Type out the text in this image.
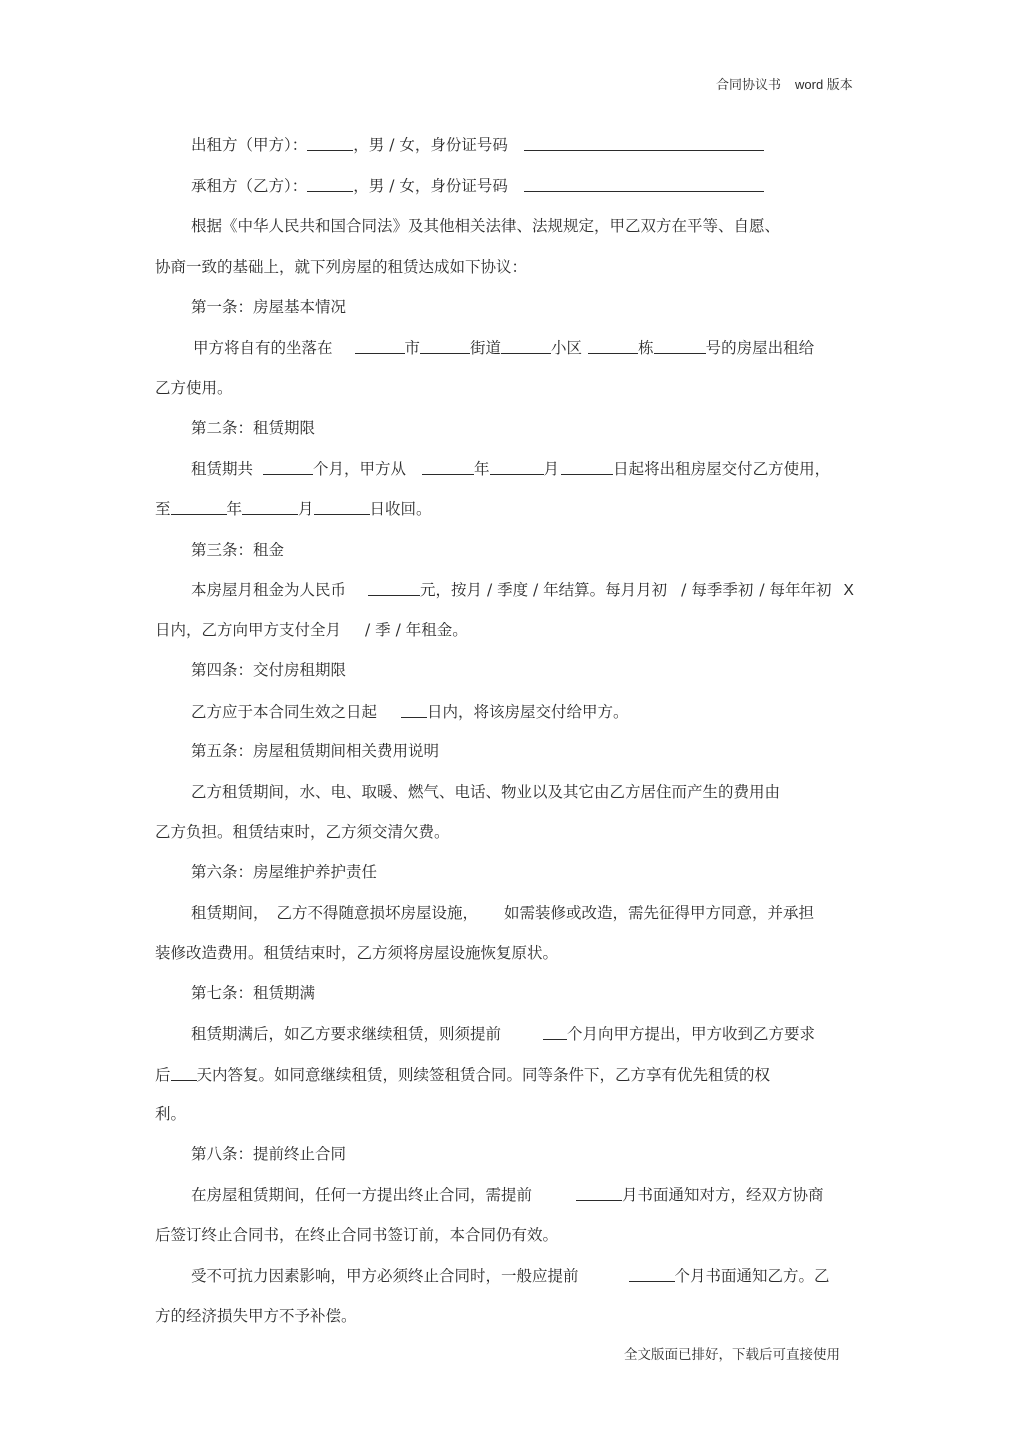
合同协议书 word 版本
出租方（甲方）：	，男 / 女，身份证号码
承租方（乙方）：	，男 / 女，身份证号码
根据《中华人民共和国合同法》及其他相关法律、法规规定，甲乙双方在平等、自愿、
协商一致的基础上，就下列房屋的租赁达成如下协议：
第一条：房屋基本情况
甲方将自有的坐落在	市	街道	小区	栋	号的房屋出租给
乙方使用。
第二条：租赁期限
租赁期共	个月，甲方从	年	月	日起将出租房屋交付乙方使用，
至	年	月	日收回。
第三条：租金
本房屋月租金为人民币	元，按月 / 季度 / 年结算。每月月初 / 每季季初 / 每年年初 X
日内，乙方向甲方支付全月 / 季 / 年租金。
第四条：交付房租期限
乙方应于本合同生效之日起	日内，将该房屋交付给甲方。
第五条：房屋租赁期间相关费用说明
乙方租赁期间，水、电、取暖、燃气、电话、物业以及其它由乙方居住而产生的费用由
乙方负担。租赁结束时，乙方须交清欠费。
第六条：房屋维护养护责任
租赁期间， 乙方不得随意损坏房屋设施， 如需装修或改造，需先征得甲方同意，并承担
装修改造费用。租赁结束时，乙方须将房屋设施恢复原状。
第七条：租赁期满
租赁期满后，如乙方要求继续租赁，则须提前	个月向甲方提出，甲方收到乙方要求
后 天内答复。如同意继续租赁，则续签租赁合同。同等条件下，乙方享有优先租赁的权
利。
第八条：提前终止合同
在房屋租赁期间，任何一方提出终止合同，需提前	月书面通知对方，经双方协商
后签订终止合同书，在终止合同书签订前，本合同仍有效。
受不可抗力因素影响，甲方必须终止合同时，一般应提前	个月书面通知乙方。乙
方的经济损失甲方不予补偿。
全文版面已排好，下载后可直接使用
